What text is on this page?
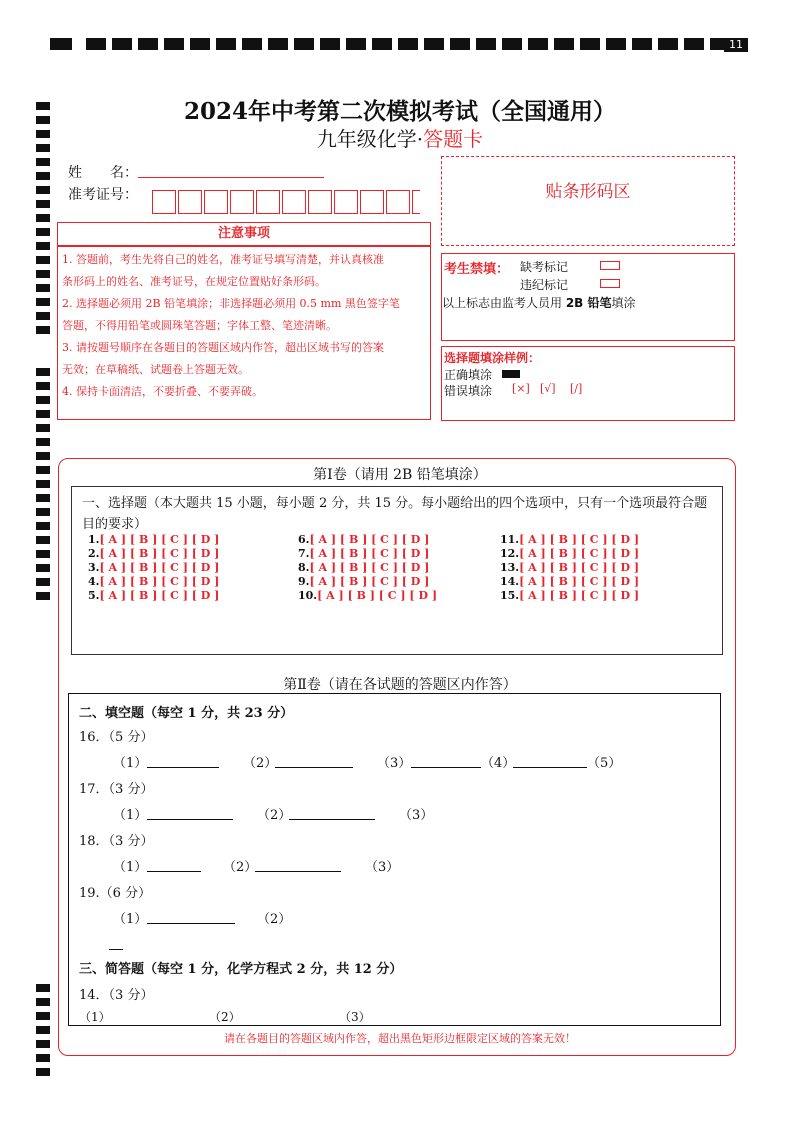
11
2024年中考第二次模拟考试（全国通用）
九年级化学·答题卡
姓　　名：
准考证号：	贴条形码区
注意事项
1. 答题前，考生先将自己的姓名，准考证号填写清楚，并认真核准
条形码上的姓名、准考证号，在规定位置贴好条形码。
2. 选择题必须用 2B 铅笔填涂；非选择题必须用 0.5 mm 黑色签字笔
答题，不得用铅笔或圆珠笔答题；字体工整、笔迹清晰。
3. 请按题号顺序在各题目的答题区域内作答，超出区域书写的答案
无效；在草稿纸、试题卷上答题无效。
4. 保持卡面清洁，不要折叠、不要弄破。
考生禁填： 缺考标记
违纪标记
以上标志由监考人员用 2B 铅笔填涂
选择题填涂样例：
正确填涂
错误填涂 [×] [√] [/]
第Ⅰ卷（请用 2B 铅笔填涂）
一、选择题（本大题共 15 小题，每小题 2 分，共 15 分。每小题给出的四个选项中，只有一个选项最符合题目的要求）
1.[ A ] [ B ] [ C ] [ D ]
2.[ A ] [ B ] [ C ] [ D ]
3.[ A ] [ B ] [ C ] [ D ]
4.[ A ] [ B ] [ C ] [ D ]
5.[ A ] [ B ] [ C ] [ D ]
6.[ A ] [ B ] [ C ] [ D ]
7.[ A ] [ B ] [ C ] [ D ]
8.[ A ] [ B ] [ C ] [ D ]
9.[ A ] [ B ] [ C ] [ D ]
10.[ A ] [ B ] [ C ] [ D ]
11.[ A ] [ B ] [ C ] [ D ]
12.[ A ] [ B ] [ C ] [ D ]
13.[ A ] [ B ] [ C ] [ D ]
14.[ A ] [ B ] [ C ] [ D ]
15.[ A ] [ B ] [ C ] [ D ]
第Ⅱ卷（请在各试题的答题区内作答）
二、填空题（每空 1 分，共 23 分）
16．（5 分）
（1）	（2）	（3）	（4）	（5）
17．（3 分）
（1）	（2）	（3）
18．（3 分）
（1）	（2）	（3）
19.（6 分）
（1）	（2）
三、简答题（每空 1 分，化学方程式 2 分，共 12 分）
14．（3 分）
（1）	（2）	（3）
请在各题目的答题区域内作答，超出黑色矩形边框限定区域的答案无效！
